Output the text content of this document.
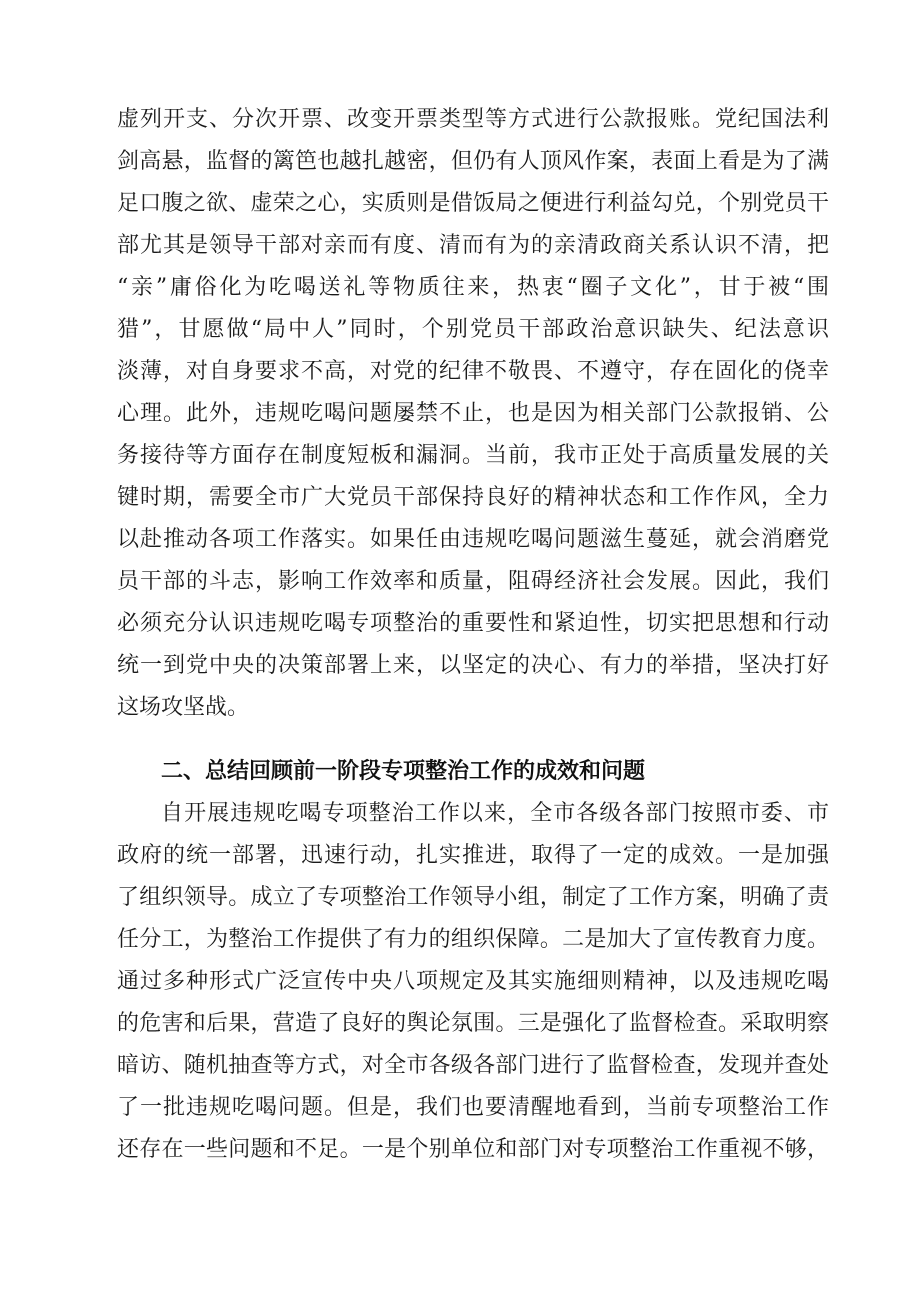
虚列开支、分次开票、改变开票类型等方式进行公款报账。党纪国法利
剑高悬，监督的篱笆也越扎越密，但仍有人顶风作案，表面上看是为了满
足口腹之欲、虚荣之心，实质则是借饭局之便进行利益勾兑，个别党员干
部尤其是领导干部对亲而有度、清而有为的亲清政商关系认识不清，把
“亲”庸俗化为吃喝送礼等物质往来，热衷“圈子文化”，甘于被“围
猎”，甘愿做“局中人”同时，个别党员干部政治意识缺失、纪法意识
淡薄，对自身要求不高，对党的纪律不敬畏、不遵守，存在固化的侥幸
心理。此外，违规吃喝问题屡禁不止，也是因为相关部门公款报销、公
务接待等方面存在制度短板和漏洞。当前，我市正处于高质量发展的关
键时期，需要全市广大党员干部保持良好的精神状态和工作作风，全力
以赴推动各项工作落实。如果任由违规吃喝问题滋生蔓延，就会消磨党
员干部的斗志，影响工作效率和质量，阻碍经济社会发展。因此，我们
必须充分认识违规吃喝专项整治的重要性和紧迫性，切实把思想和行动
统一到党中央的决策部署上来，以坚定的决心、有力的举措，坚决打好
这场攻坚战。
二、总结回顾前一阶段专项整治工作的成效和问题
自开展违规吃喝专项整治工作以来，全市各级各部门按照市委、市
政府的统一部署，迅速行动，扎实推进，取得了一定的成效。一是加强
了组织领导。成立了专项整治工作领导小组，制定了工作方案，明确了责
任分工，为整治工作提供了有力的组织保障。二是加大了宣传教育力度。
通过多种形式广泛宣传中央八项规定及其实施细则精神，以及违规吃喝
的危害和后果，营造了良好的舆论氛围。三是强化了监督检查。采取明察
暗访、随机抽查等方式，对全市各级各部门进行了监督检查，发现并查处
了一批违规吃喝问题。但是，我们也要清醒地看到，当前专项整治工作
还存在一些问题和不足。一是个别单位和部门对专项整治工作重视不够，
